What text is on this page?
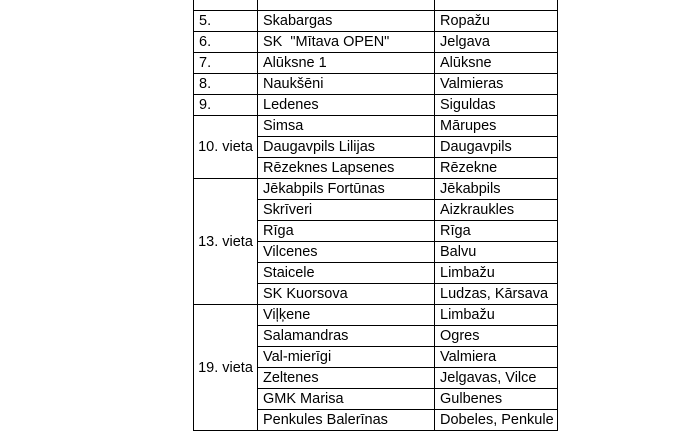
5.	Skabargas	Ropažu
6.	SK  "Mītava OPEN"	Jelgava
7.	Alūksne 1	Alūksne
8.	Naukšēni	Valmieras
9.	Ledenes	Siguldas
10. vieta	Simsa	Mārupes
	Daugavpils Lilijas	Daugavpils
	Rēzeknes Lapsenes	Rēzekne
13. vieta	Jēkabpils Fortūnas	Jēkabpils
	Skrīveri	Aizkraukles
	Rīga	Rīga
	Vilcenes	Balvu
	Staicele	Limbažu
	SK Kuorsova	Ludzas, Kārsava
19. vieta	Viļķene	Limbažu
	Salamandras	Ogres
	Val-mierīgi	Valmiera
	Zeltenes	Jelgavas, Vilce
	GMK Marisa	Gulbenes
	Penkules Balerīnas	Dobeles, Penkule
